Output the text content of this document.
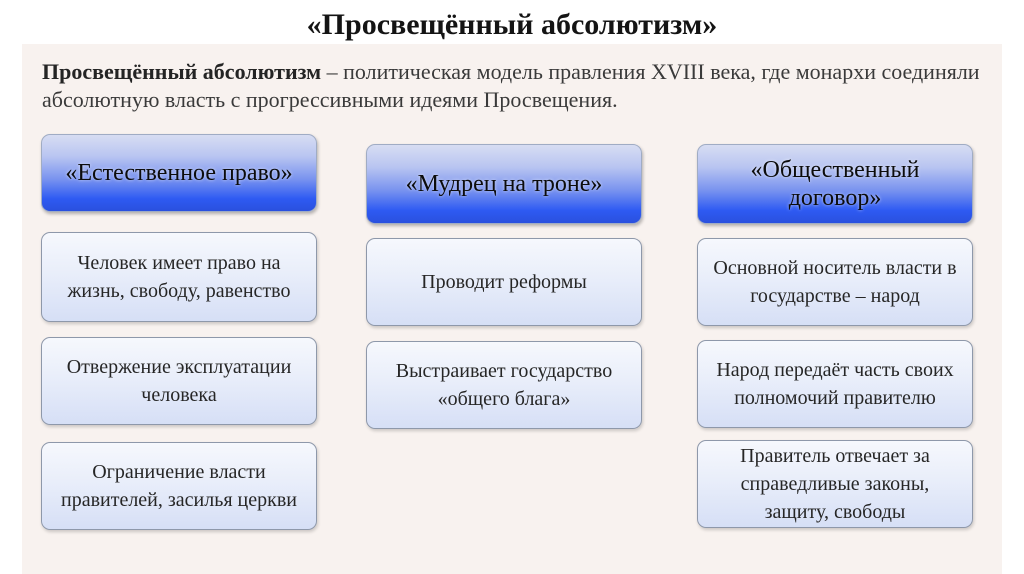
«Просвещённый абсолютизм»

Просвещённый абсолютизм – политическая модель правления XVIII века, где монархи соединяли абсолютную власть с прогрессивными идеями Просвещения.

«Естественное право»
Человек имеет право на жизнь, свободу, равенство
Отвержение эксплуатации человека
Ограничение власти правителей, засилья церкви
«Мудрец на троне»
Проводит реформы
Выстраивает государство «общего блага»
«Общественный договор»
Основной носитель власти в государстве – народ
Народ передаёт часть своих полномочий правителю
Правитель отвечает за справедливые законы, защиту, свободы
